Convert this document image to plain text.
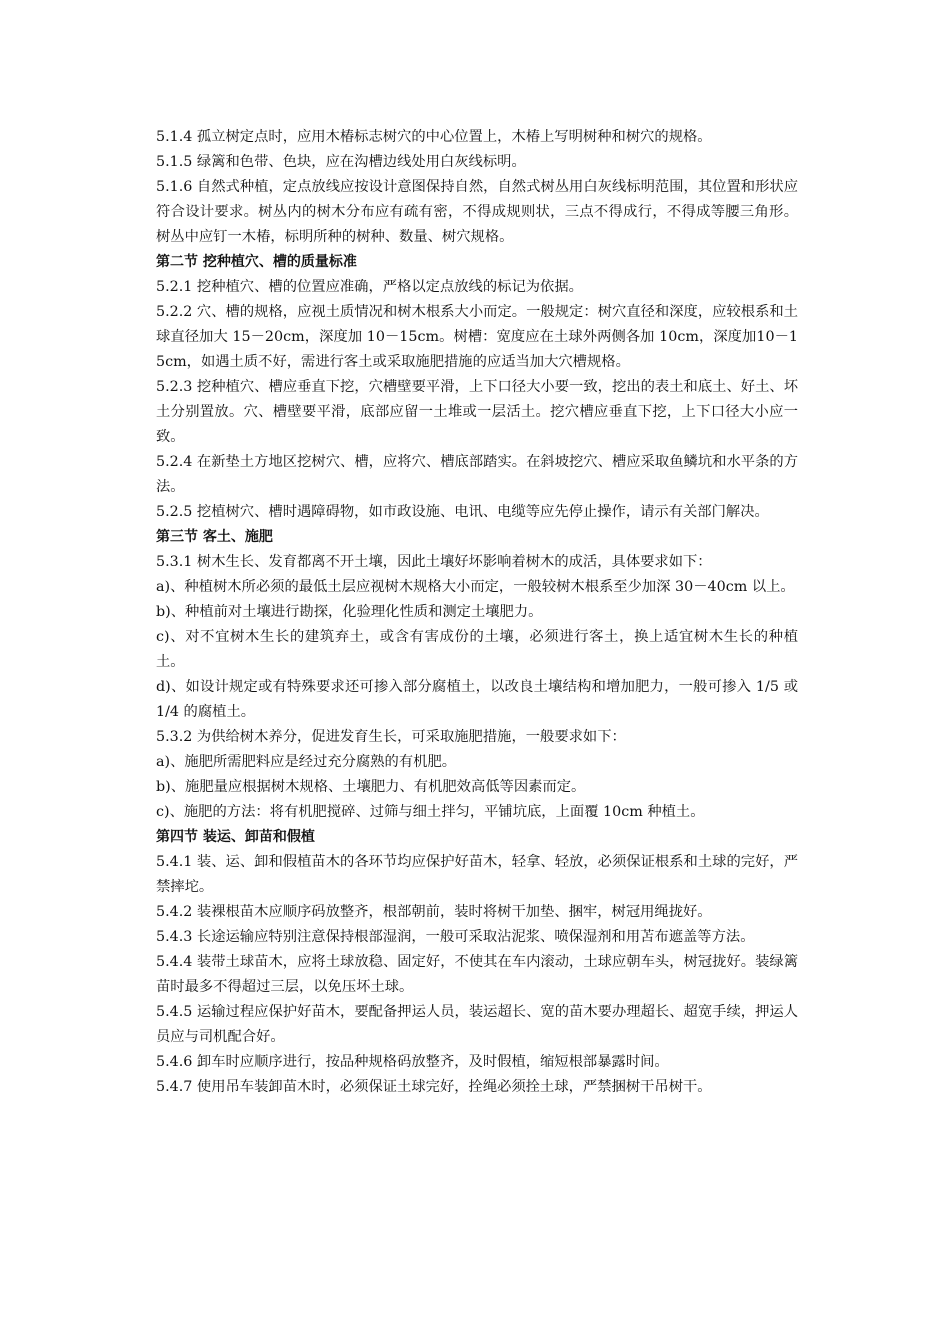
5.1.4 孤立树定点时，应用木椿标志树穴的中心位置上，木椿上写明树种和树穴的规格。

5.1.5 绿篱和色带、色块，应在沟槽边线处用白灰线标明。

5.1.6 自然式种植，定点放线应按设计意图保持自然，自然式树丛用白灰线标明范围，其位置和形状应符合设计要求。树丛内的树木分布应有疏有密，不得成规则状，三点不得成行，不得成等腰三角形。树丛中应钉一木椿，标明所种的树种、数量、树穴规格。

第二节 挖种植穴、槽的质量标准

5.2.1 挖种植穴、槽的位置应准确，严格以定点放线的标记为依据。

5.2.2 穴、槽的规格，应视土质情况和树木根系大小而定。一般规定：树穴直径和深度，应较根系和土球直径加大 15－20cm，深度加 10－15cm。树槽：宽度应在土球外两侧各加 10cm，深度加10－15cm，如遇土质不好，需进行客土或采取施肥措施的应适当加大穴槽规格。

5.2.3 挖种植穴、槽应垂直下挖，穴槽壁要平滑，上下口径大小要一致，挖出的表土和底土、好土、坏土分别置放。穴、槽壁要平滑，底部应留一土堆或一层活土。挖穴槽应垂直下挖，上下口径大小应一致。

5.2.4 在新垫土方地区挖树穴、槽，应将穴、槽底部踏实。在斜坡挖穴、槽应采取鱼鳞坑和水平条的方法。

5.2.5 挖植树穴、槽时遇障碍物，如市政设施、电讯、电缆等应先停止操作，请示有关部门解决。

第三节 客土、施肥

5.3.1 树木生长、发育都离不开土壤，因此土壤好坏影响着树木的成活，具体要求如下：

a)、种植树木所必须的最低土层应视树木规格大小而定，一般较树木根系至少加深 30－40cm 以上。

b)、种植前对土壤进行勘探，化验理化性质和测定土壤肥力。

c)、对不宜树木生长的建筑弃土，或含有害成份的土壤，必须进行客土，换上适宜树木生长的种植土。

d)、如设计规定或有特殊要求还可掺入部分腐植土，以改良土壤结构和增加肥力，一般可掺入 1/5 或 1/4 的腐植土。

5.3.2 为供给树木养分，促进发育生长，可采取施肥措施，一般要求如下：

a)、施肥所需肥料应是经过充分腐熟的有机肥。

b)、施肥量应根据树木规格、土壤肥力、有机肥效高低等因素而定。

c)、施肥的方法：将有机肥搅碎、过筛与细土拌匀，平铺坑底，上面覆 10cm 种植土。

第四节 装运、卸苗和假植

5.4.1 装、运、卸和假植苗木的各环节均应保护好苗木，轻拿、轻放，必须保证根系和土球的完好，严禁摔坨。

5.4.2 装裸根苗木应顺序码放整齐，根部朝前，装时将树干加垫、捆牢，树冠用绳拢好。

5.4.3 长途运输应特别注意保持根部湿润，一般可采取沾泥浆、喷保湿剂和用苫布遮盖等方法。

5.4.4 装带土球苗木，应将土球放稳、固定好，不使其在车内滚动，土球应朝车头，树冠拢好。装绿篱苗时最多不得超过三层，以免压坏土球。

5.4.5 运输过程应保护好苗木，要配备押运人员，装运超长、宽的苗木要办理超长、超宽手续，押运人员应与司机配合好。

5.4.6 卸车时应顺序进行，按品种规格码放整齐，及时假植，缩短根部暴露时间。

5.4.7 使用吊车装卸苗木时，必须保证土球完好，拴绳必须拴土球，严禁捆树干吊树干。
